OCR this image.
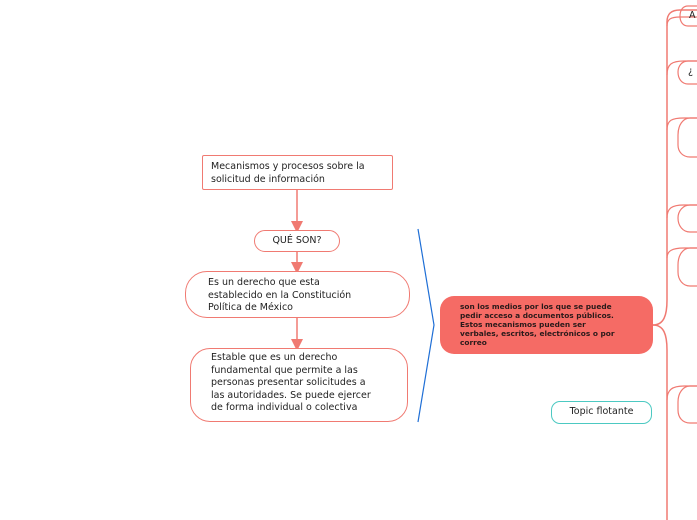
Mecanismos y procesos sobre la
solicitud de información
QUÉ SON?
Es un derecho que esta
establecido en la Constitución
Política de México
Estable que es un derecho
fundamental que permite a las
personas presentar solicitudes a
las autoridades. Se puede ejercer
de forma individual o colectiva
son los medios por los que se puede
pedir acceso a documentos públicos.
Estos mecanismos pueden ser
verbales, escritos, electrónicos o por
correo
Topic flotante
A
¿
